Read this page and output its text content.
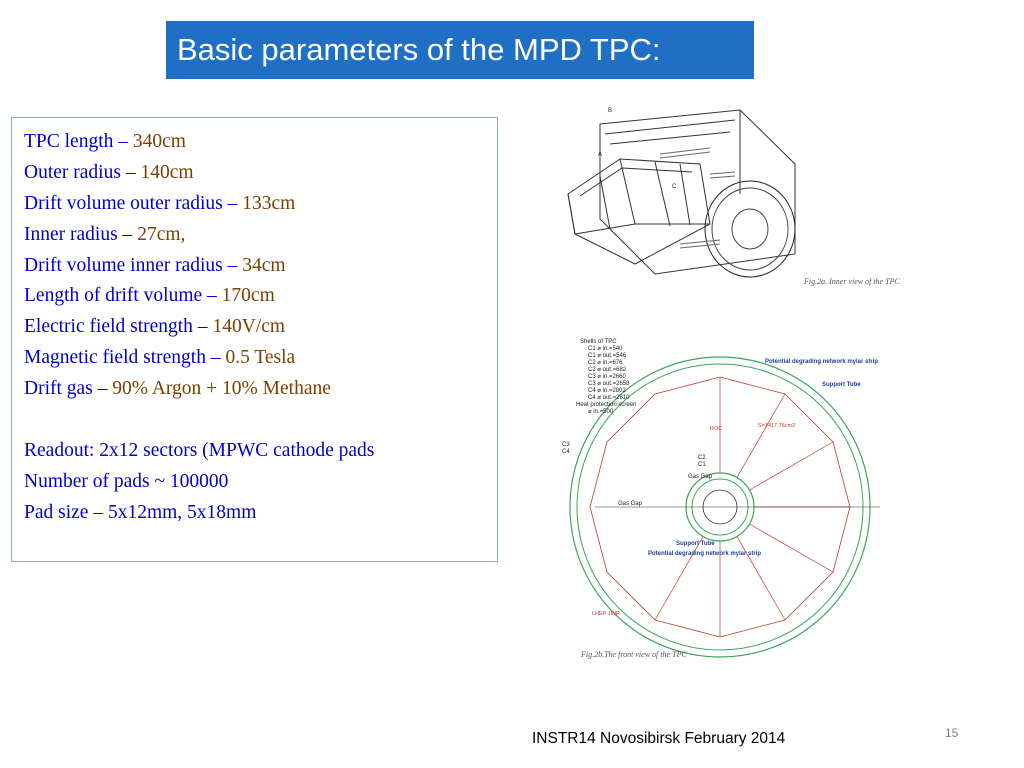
Basic parameters of the MPD TPC:
TPC length – 340cm
Outer radius – 140cm
Drift volume outer radius – 133cm
Inner radius – 27cm,
Drift volume inner radius – 34cm
Length of drift volume – 170cm
Electric field strength – 140V/cm
Magnetic field strength – 0.5 Tesla
Drift gas – 90% Argon + 10% Methane
Readout: 2x12 sectors (MPWC cathode pads
Number of pads ~ 100000
Pad size – 5x12mm, 5x18mm
B
A
C
Fig.2a. Inner view of the TPC
Shells of TPC
C1 ⌀ in.=540
C1 ⌀ out.=546
C2 ⌀ in.=676
C2 ⌀ out.=682
C3 ⌀ in.=2660
C3 ⌀ out.=2658
C4 ⌀ in.=2802
C4 ⌀ out.=2810
Heat protection screen
⌀ in.=500
Potential degrading network mylar strip
Support Tube
S=3417.76cm2
ROC
C3
C4
C2
C1
Gas Gap
Gas Gap
Support Tube
Potential degrading network mylar strip
LHEP JINR
Fig.2b.The front view of the TPC
INSTR14 Novosibirsk February 2014	15
